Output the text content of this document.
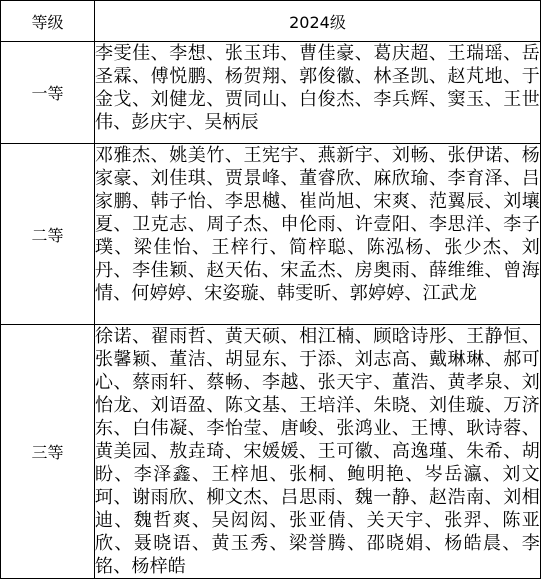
等级	2024级
一等	李雯佳、李想、张玉玮、曹佳豪、葛庆超、王瑞瑶、岳圣霖、傅悦鹏、杨贺翔、郭俊徽、林圣凯、赵芃地、于金戈、刘健龙、贾同山、白俊杰、李兵辉、窦玉、王世伟、彭庆宇、吴柄辰
二等	邓雅杰、姚美竹、王宪宇、燕新宇、刘畅、张伊诺、杨家豪、刘佳琪、贾景峰、董睿欣、麻欣瑜、李育泽、吕家鹏、韩子怡、李思樾、崔尚旭、宋爽、范翼辰、刘壤夏、卫克志、周子杰、申伦雨、许壹阳、李思洋、李子璞、梁佳怡、王梓行、简梓聪、陈泓杨、张少杰、刘丹、李佳颖、赵天佑、宋孟杰、房奥雨、薛维维、曾海情、何婷婷、宋姿璇、韩雯昕、郭婷婷、江武龙
三等	徐诺、翟雨哲、黄天硕、相江楠、顾晗诗彤、王静恒、张馨颖、董洁、胡显东、于添、刘志高、戴琳琳、郝可心、蔡雨轩、蔡畅、李越、张天宇、董浩、黄孝泉、刘怡龙、刘语盈、陈文基、王培洋、朱晓、刘佳璇、万济东、白伟凝、李怡莹、唐峻、张鸿业、王博、耿诗蓉、黄美园、敖垚琦、宋媛媛、王可徽、高逸瑾、朱希、胡盼、李泽鑫、王梓旭、张桐、鲍明艳、岑岳瀛、刘文珂、谢雨欣、柳文杰、吕思雨、魏一静、赵浩南、刘相迪、魏哲爽、吴闳闳、张亚倩、关天宇、张羿、陈亚欣、聂晓语、黄玉秀、梁誉腾、邵晓娟、杨皓晨、李铭、杨梓皓
